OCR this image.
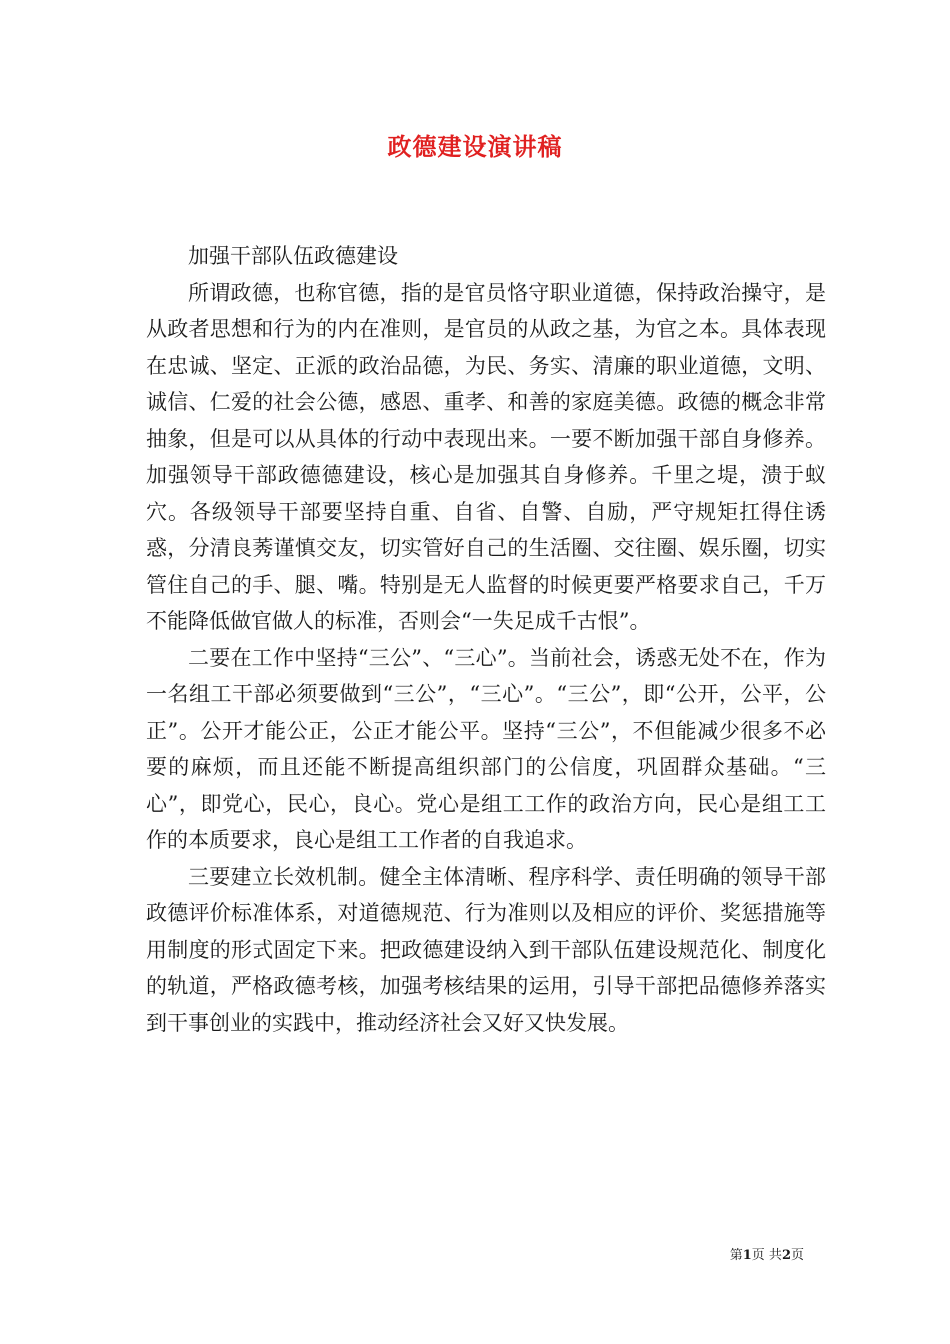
政德建设演讲稿

加强干部队伍政德建设

所谓政德，也称官德，指的是官员恪守职业道德，保持政治操守，是从政者思想和行为的内在准则，是官员的从政之基，为官之本。具体表现在忠诚、坚定、正派的政治品德，为民、务实、清廉的职业道德，文明、诚信、仁爱的社会公德，感恩、重孝、和善的家庭美德。政德的概念非常抽象，但是可以从具体的行动中表现出来。一要不断加强干部自身修养。加强领导干部政德德建设，核心是加强其自身修养。千里之堤，溃于蚁穴。各级领导干部要坚持自重、自省、自警、自励，严守规矩扛得住诱惑，分清良莠谨慎交友，切实管好自己的生活圈、交往圈、娱乐圈，切实管住自己的手、腿、嘴。特别是无人监督的时候更要严格要求自己，千万不能降低做官做人的标准，否则会“一失足成千古恨”。

二要在工作中坚持“三公”、“三心”。当前社会，诱惑无处不在，作为一名组工干部必须要做到“三公”，“三心”。“三公”，即“公开，公平，公正”。公开才能公正，公正才能公平。坚持“三公”，不但能减少很多不必要的麻烦，而且还能不断提高组织部门的公信度，巩固群众基础。“三心”，即党心，民心，良心。党心是组工工作的政治方向，民心是组工工作的本质要求，良心是组工工作者的自我追求。

三要建立长效机制。健全主体清晰、程序科学、责任明确的领导干部政德评价标准体系，对道德规范、行为准则以及相应的评价、奖惩措施等用制度的形式固定下来。把政德建设纳入到干部队伍建设规范化、制度化的轨道，严格政德考核，加强考核结果的运用，引导干部把品德修养落实到干事创业的实践中，推动经济社会又好又快发展。

第1页 共2页
